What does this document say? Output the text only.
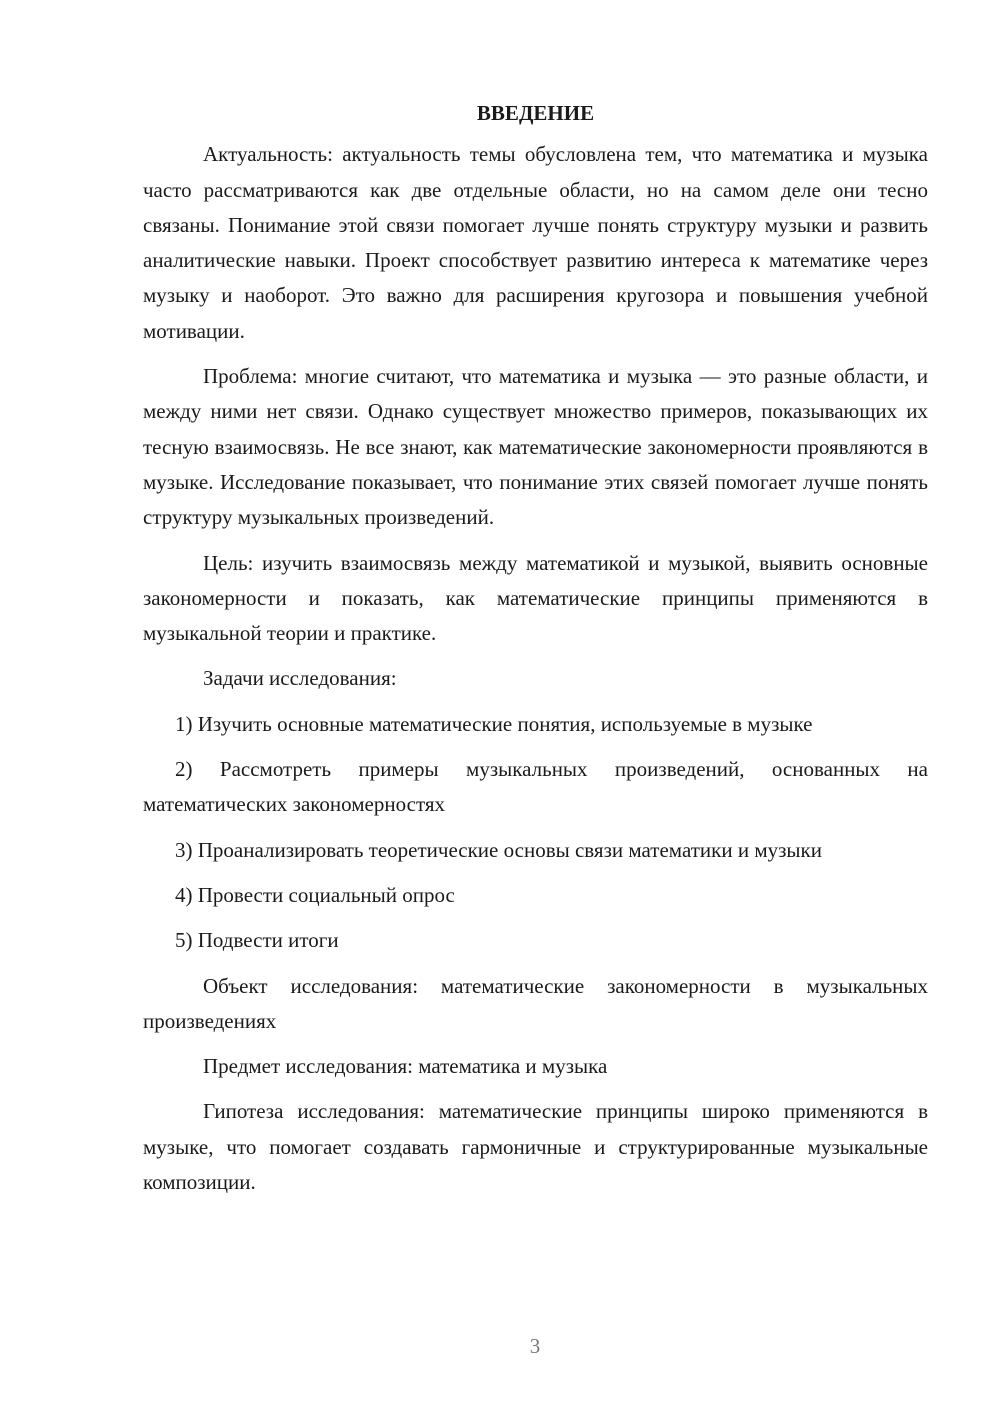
ВВЕДЕНИЕ

Актуальность: актуальность темы обусловлена тем, что математика и музыка часто рассматриваются как две отдельные области, но на самом деле они тесно связаны. Понимание этой связи помогает лучше понять структуру музыки и развить аналитические навыки. Проект способствует развитию интереса к математике через музыку и наоборот. Это важно для расширения кругозора и повышения учебной мотивации.

Проблема: многие считают, что математика и музыка — это разные области, и между ними нет связи. Однако существует множество примеров, показывающих их тесную взаимосвязь. Не все знают, как математические закономерности проявляются в музыке. Исследование показывает, что понимание этих связей помогает лучше понять структуру музыкальных произведений.

Цель: изучить взаимосвязь между математикой и музыкой, выявить основные закономерности и показать, как математические принципы применяются в музыкальной теории и практике.

Задачи исследования:

1) Изучить основные математические понятия, используемые в музыке

2) Рассмотреть примеры музыкальных произведений, основанных на математических закономерностях

3) Проанализировать теоретические основы связи математики и музыки

4) Провести социальный опрос

5) Подвести итоги

Объект исследования: математические закономерности в музыкальных произведениях

Предмет исследования: математика и музыка

Гипотеза исследования: математические принципы широко применяются в музыке, что помогает создавать гармоничные и структурированные музыкальные композиции.

3
